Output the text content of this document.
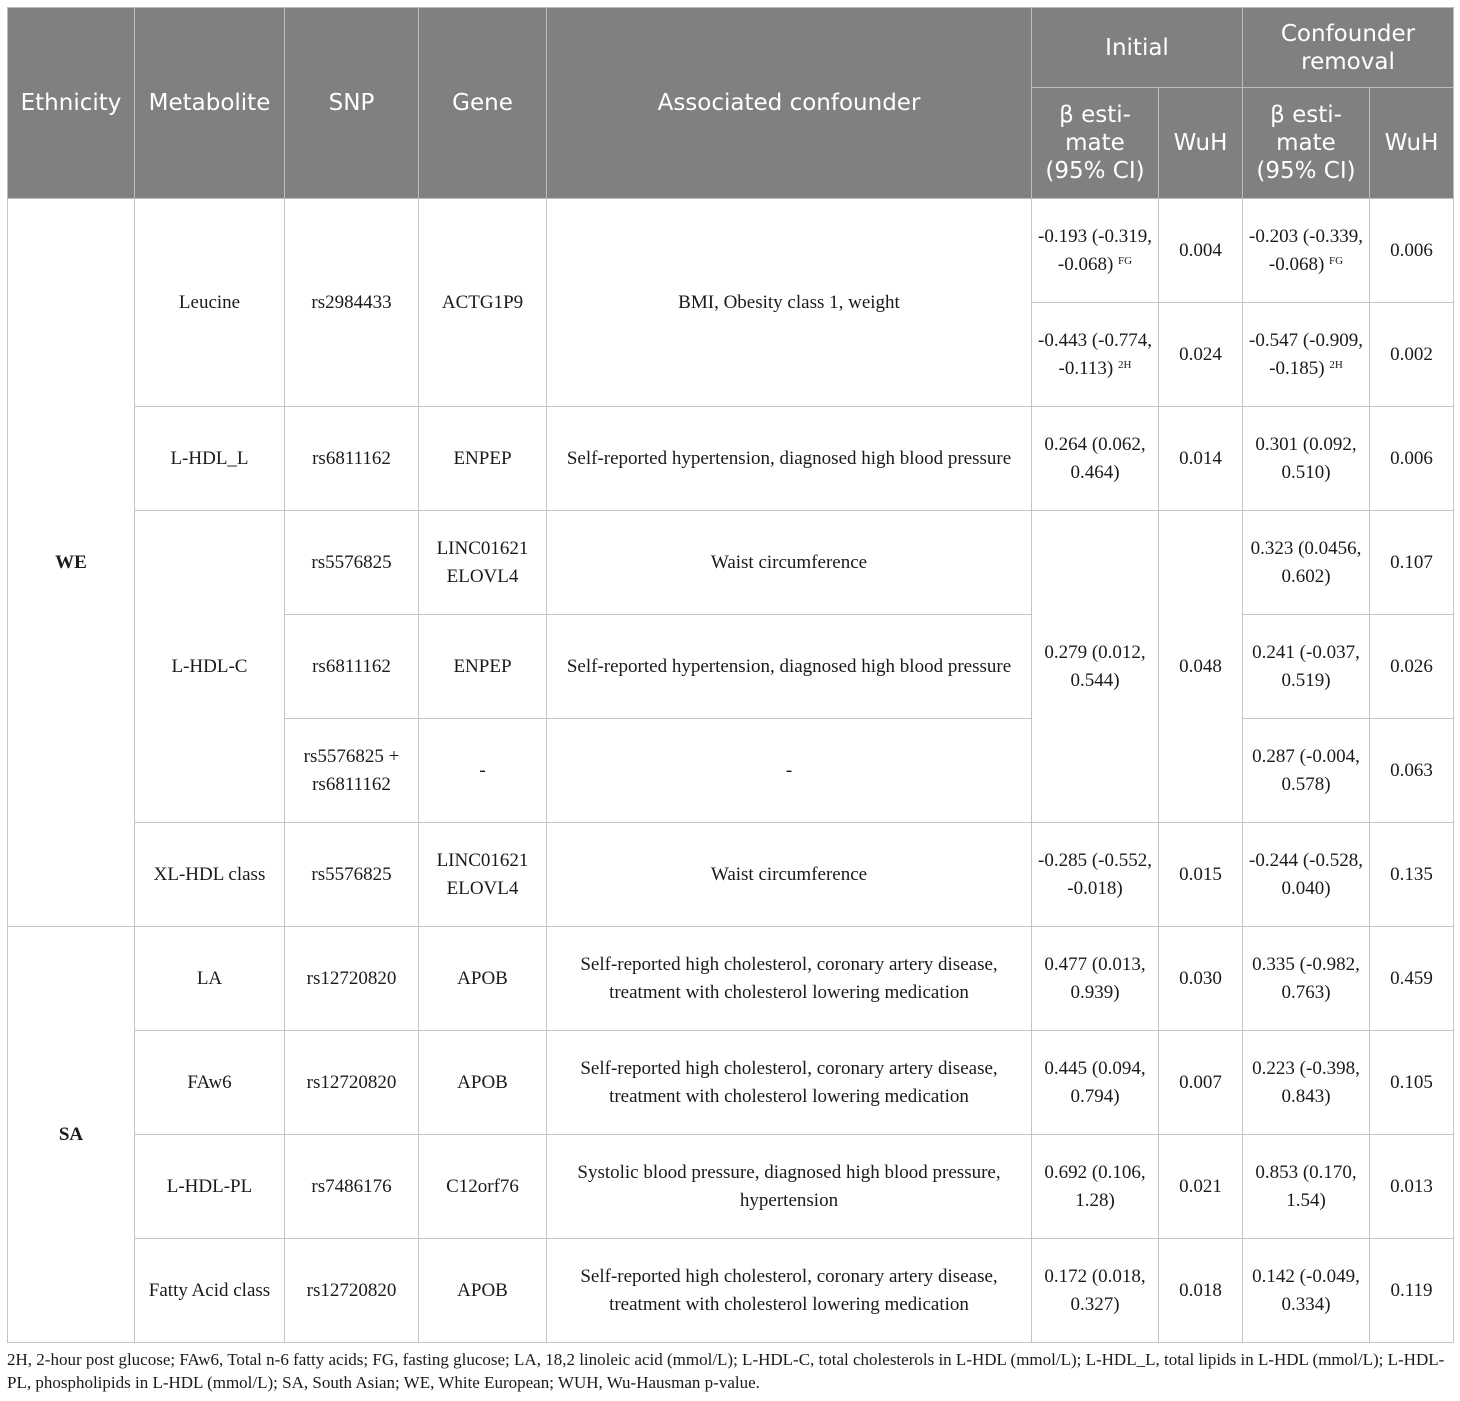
Ethnicity	Metabolite	SNP	Gene	Associated confounder	Initial		Confounder removal	
					β esti-mate (95% CI)	WuH	β esti-mate (95% CI)	WuH
WE	Leucine	rs2984433	ACTG1P9	BMI, Obesity class 1, weight	-0.193 (-0.319, -0.068) $^{FG}$	0.004	-0.203 (-0.339, -0.068) $^{FG}$	0.006
					-0.443 (-0.774, -0.113) $^{2H}$	0.024	-0.547 (-0.909, -0.185) $^{2H}$	0.002
	L-HDL_L	rs6811162	ENPEP	Self-reported hypertension, diagnosed high blood pressure	0.264 (0.062, 0.464)	0.014	0.301 (0.092, 0.510)	0.006
	L-HDL-C	rs5576825	LINC01621 ELOVL4	Waist circumference	0.279 (0.012, 0.544)	0.048	0.323 (0.0456, 0.602)	0.107
		rs6811162	ENPEP	Self-reported hypertension, diagnosed high blood pressure			0.241 (-0.037, 0.519)	0.026
		rs5576825 + rs6811162	-	-			0.287 (-0.004, 0.578)	0.063
	XL-HDL class	rs5576825	LINC01621 ELOVL4	Waist circumference	-0.285 (-0.552, -0.018)	0.015	-0.244 (-0.528, 0.040)	0.135
SA	LA	rs12720820	APOB	Self-reported high cholesterol, coronary artery disease, treatment with cholesterol lowering medication	0.477 (0.013, 0.939)	0.030	0.335 (-0.982, 0.763)	0.459
	FAw6	rs12720820	APOB	Self-reported high cholesterol, coronary artery disease, treatment with cholesterol lowering medication	0.445 (0.094, 0.794)	0.007	0.223 (-0.398, 0.843)	0.105
	L-HDL-PL	rs7486176	C12orf76	Systolic blood pressure, diagnosed high blood pressure, hypertension	0.692 (0.106, 1.28)	0.021	0.853 (0.170, 1.54)	0.013
	Fatty Acid class	rs12720820	APOB	Self-reported high cholesterol, coronary artery disease, treatment with cholesterol lowering medication	0.172 (0.018, 0.327)	0.018	0.142 (-0.049, 0.334)	0.119

2H, 2-hour post glucose; FAw6, Total n-6 fatty acids; FG, fasting glucose; LA, 18,2 linoleic acid (mmol/L); L-HDL-C, total cholesterols in L-HDL (mmol/L); L-HDL_L, total lipids in L-HDL (mmol/L); L-HDL-PL, phospholipids in L-HDL (mmol/L); SA, South Asian; WE, White European; WUH, Wu-Hausman p-value.
